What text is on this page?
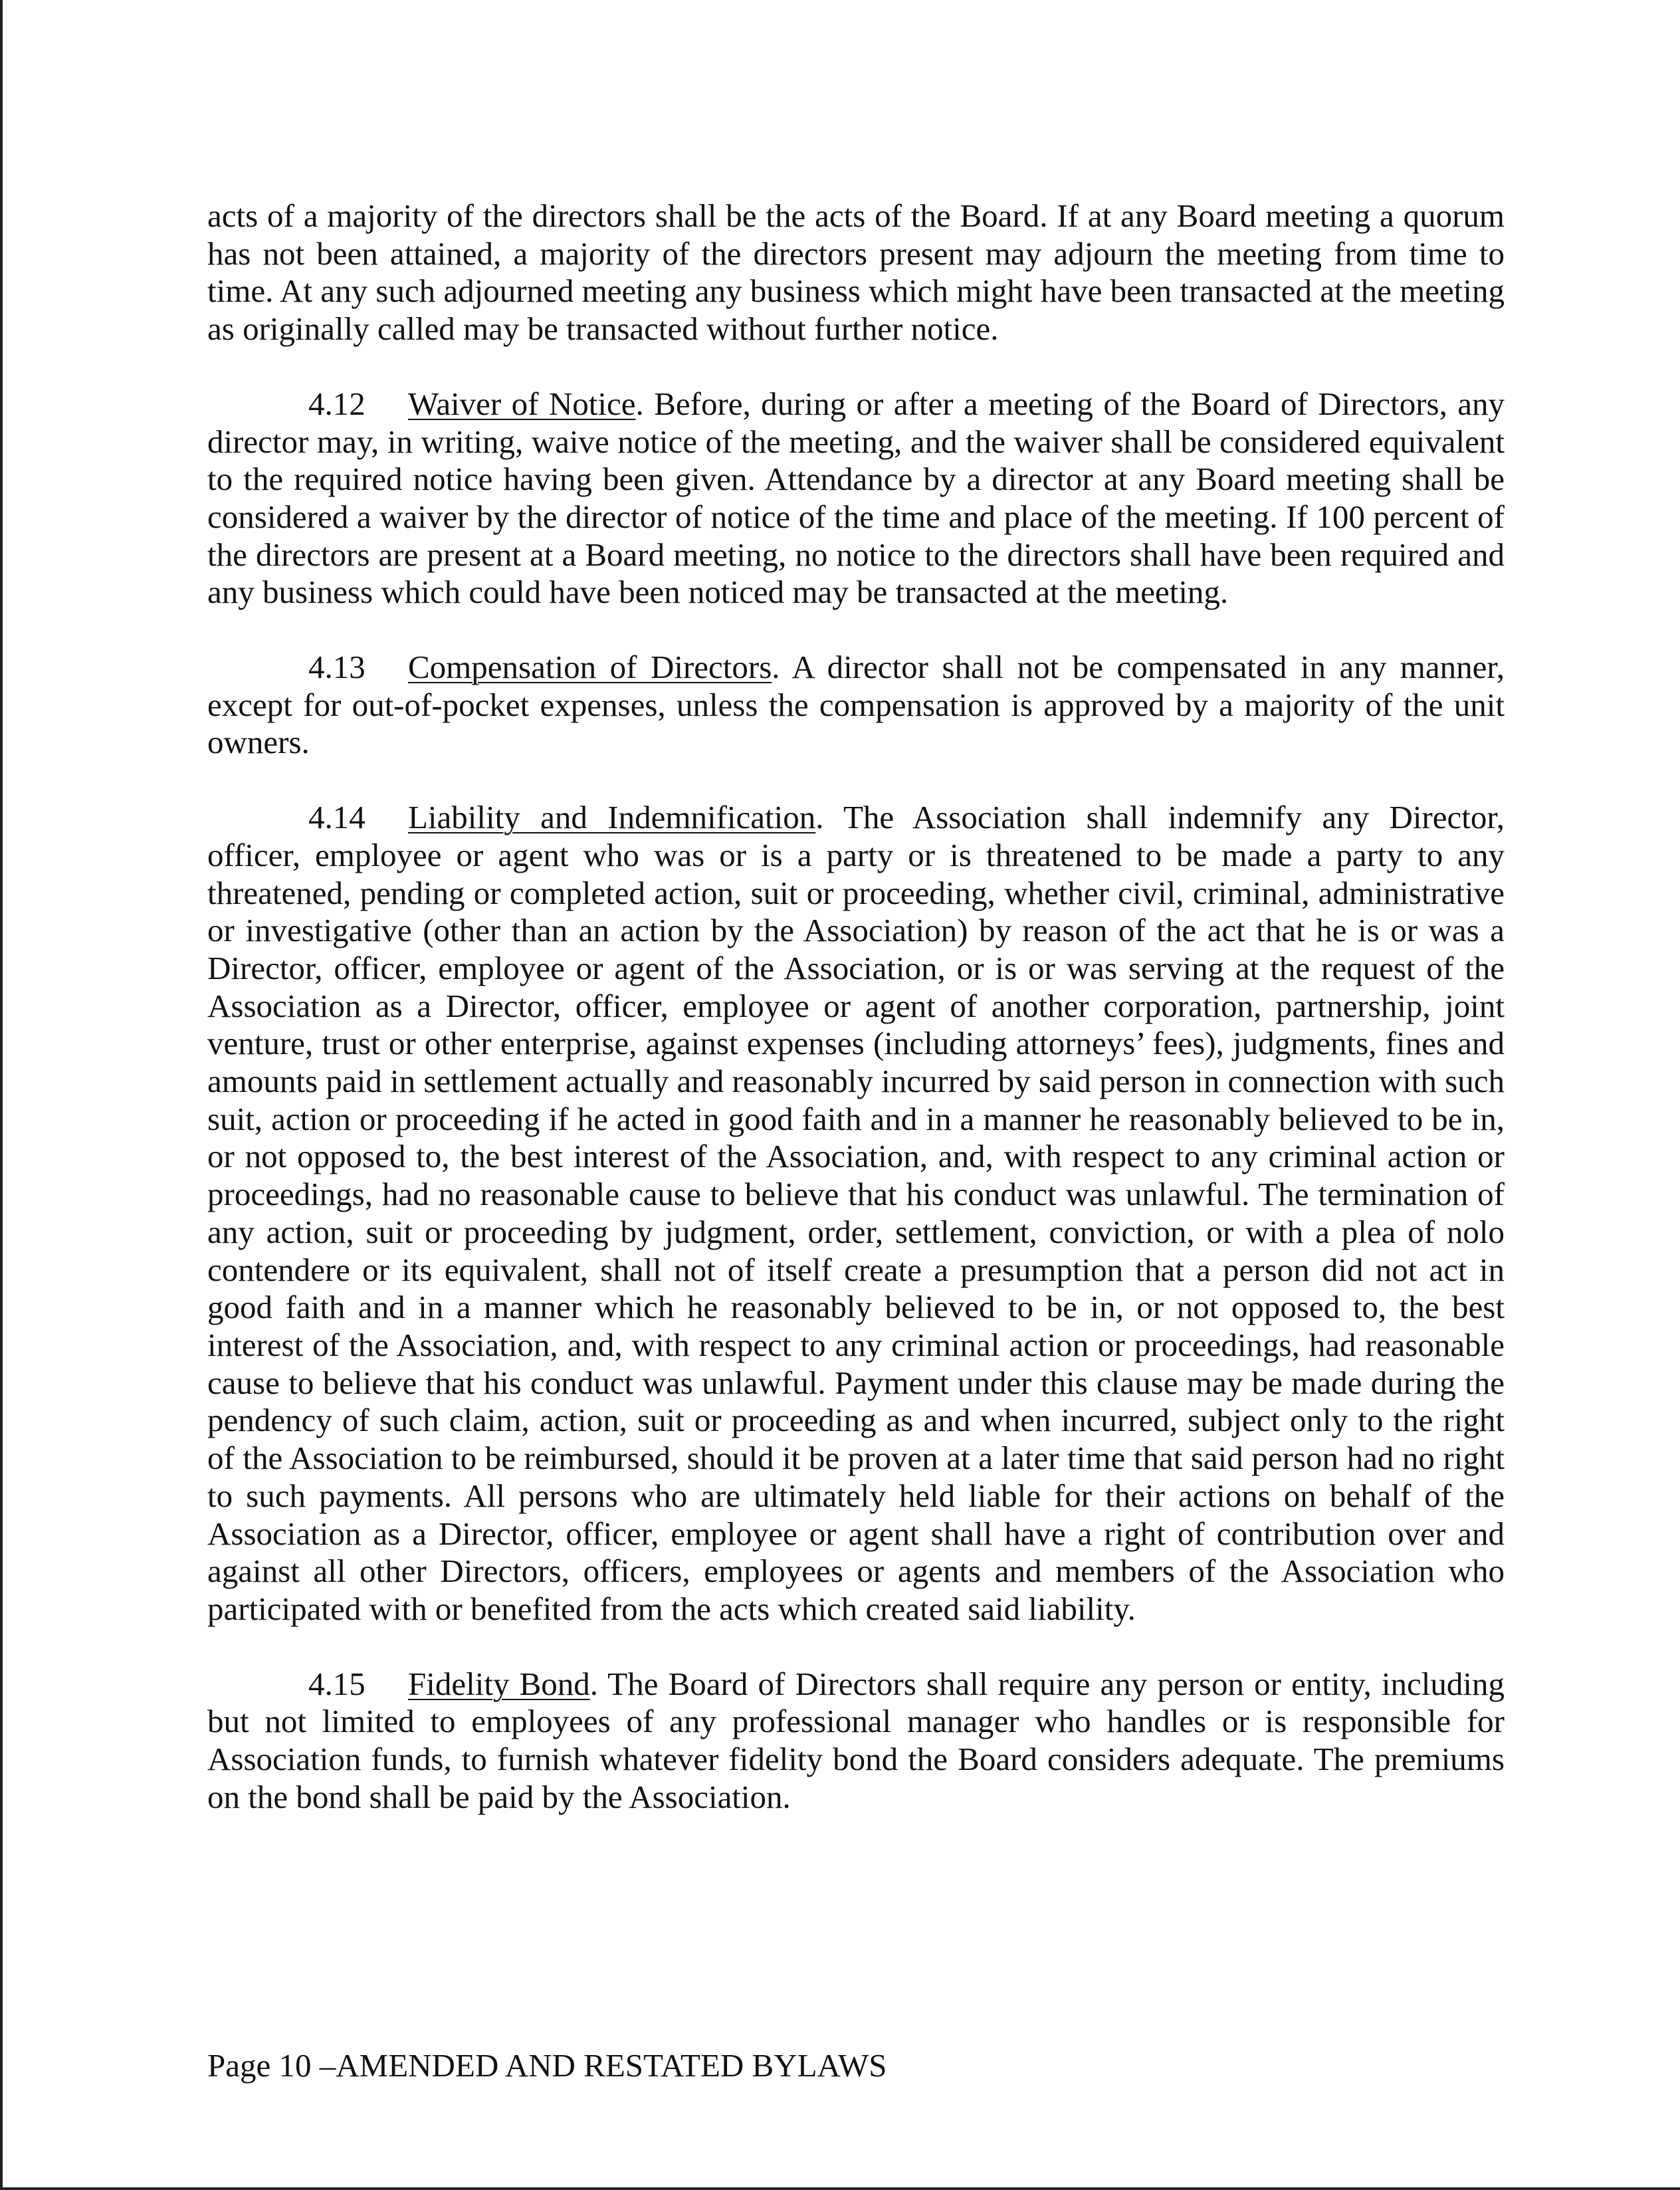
acts of a majority of the directors shall be the acts of the Board. If at any Board meeting a quorum has not been attained, a majority of the directors present may adjourn the meeting from time to time. At any such adjourned meeting any business which might have been transacted at the meeting as originally called may be transacted without further notice.

4.12 Waiver of Notice. Before, during or after a meeting of the Board of Directors, any director may, in writing, waive notice of the meeting, and the waiver shall be considered equivalent to the required notice having been given. Attendance by a director at any Board meeting shall be considered a waiver by the director of notice of the time and place of the meeting. If 100 percent of the directors are present at a Board meeting, no notice to the directors shall have been required and any business which could have been noticed may be transacted at the meeting.

4.13 Compensation of Directors. A director shall not be compensated in any manner, except for out-of-pocket expenses, unless the compensation is approved by a majority of the unit owners.

4.14 Liability and Indemnification. The Association shall indemnify any Director, officer, employee or agent who was or is a party or is threatened to be made a party to any threatened, pending or completed action, suit or proceeding, whether civil, criminal, administrative or investigative (other than an action by the Association) by reason of the act that he is or was a Director, officer, employee or agent of the Association, or is or was serving at the request of the Association as a Director, officer, employee or agent of another corporation, partnership, joint venture, trust or other enterprise, against expenses (including attorneys’ fees), judgments, fines and amounts paid in settlement actually and reasonably incurred by said person in connection with such suit, action or proceeding if he acted in good faith and in a manner he reasonably believed to be in, or not opposed to, the best interest of the Association, and, with respect to any criminal action or proceedings, had no reasonable cause to believe that his conduct was unlawful. The termination of any action, suit or proceeding by judgment, order, settlement, conviction, or with a plea of nolo contendere or its equivalent, shall not of itself create a presumption that a person did not act in good faith and in a manner which he reasonably believed to be in, or not opposed to, the best interest of the Association, and, with respect to any criminal action or proceedings, had reasonable cause to believe that his conduct was unlawful. Payment under this clause may be made during the pendency of such claim, action, suit or proceeding as and when incurred, subject only to the right of the Association to be reimbursed, should it be proven at a later time that said person had no right to such payments. All persons who are ultimately held liable for their actions on behalf of the Association as a Director, officer, employee or agent shall have a right of contribution over and against all other Directors, officers, employees or agents and members of the Association who participated with or benefited from the acts which created said liability.

4.15 Fidelity Bond. The Board of Directors shall require any person or entity, including but not limited to employees of any professional manager who handles or is responsible for Association funds, to furnish whatever fidelity bond the Board considers adequate. The premiums on the bond shall be paid by the Association.

Page 10 –AMENDED AND RESTATED BYLAWS
